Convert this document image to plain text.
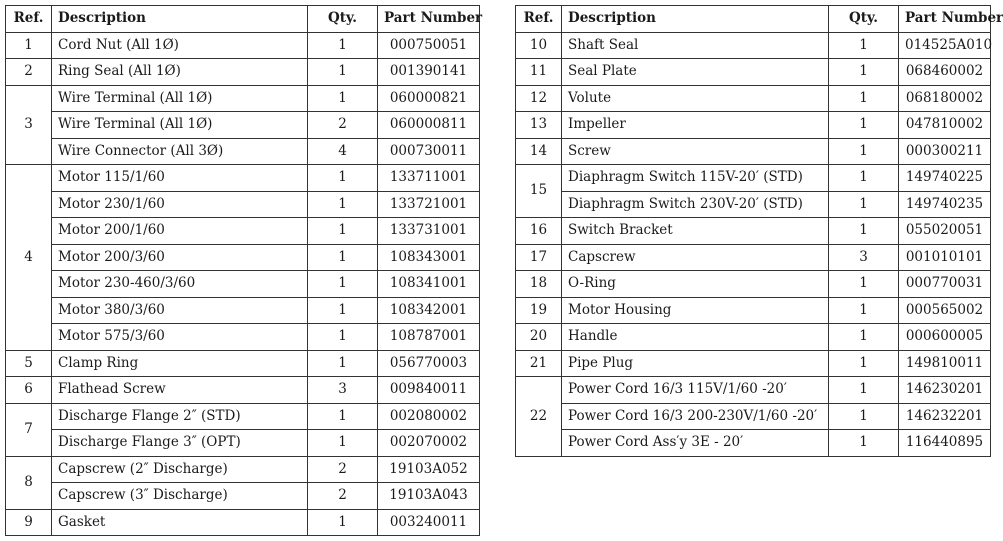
Ref.	Description	Qty.	Part Number
1	Cord Nut (All 1Ø)	1	000750051
2	Ring Seal (All 1Ø)	1	001390141
3	Wire Terminal (All 1Ø)	1	060000821
	Wire Terminal (All 1Ø)	2	060000811
	Wire Connector (All 3Ø)	4	000730011
4	Motor 115/1/60	1	133711001
	Motor 230/1/60	1	133721001
	Motor 200/1/60	1	133731001
	Motor 200/3/60	1	108343001
	Motor 230-460/3/60	1	108341001
	Motor 380/3/60	1	108342001
	Motor 575/3/60	1	108787001
5	Clamp Ring	1	056770003
6	Flathead Screw	3	009840011
7	Discharge Flange 2″ (STD)	1	002080002
	Discharge Flange 3″ (OPT)	1	002070002
8	Capscrew (2″ Discharge)	2	19103A052
	Capscrew (3″ Discharge)	2	19103A043
9	Gasket	1	003240011
Ref.	Description	Qty.	Part Number
10	Shaft Seal	1	014525A010
11	Seal Plate	1	068460002
12	Volute	1	068180002
13	Impeller	1	047810002
14	Screw	1	000300211
15	Diaphragm Switch 115V-20′ (STD)	1	149740225
	Diaphragm Switch 230V-20′ (STD)	1	149740235
16	Switch Bracket	1	055020051
17	Capscrew	3	001010101
18	O-Ring	1	000770031
19	Motor Housing	1	000565002
20	Handle	1	000600005
21	Pipe Plug	1	149810011
22	Power Cord 16/3 115V/1/60 -20′	1	146230201
	Power Cord 16/3 200-230V/1/60 -20′	1	146232201
	Power Cord Ass′y 3E - 20′	1	116440895
